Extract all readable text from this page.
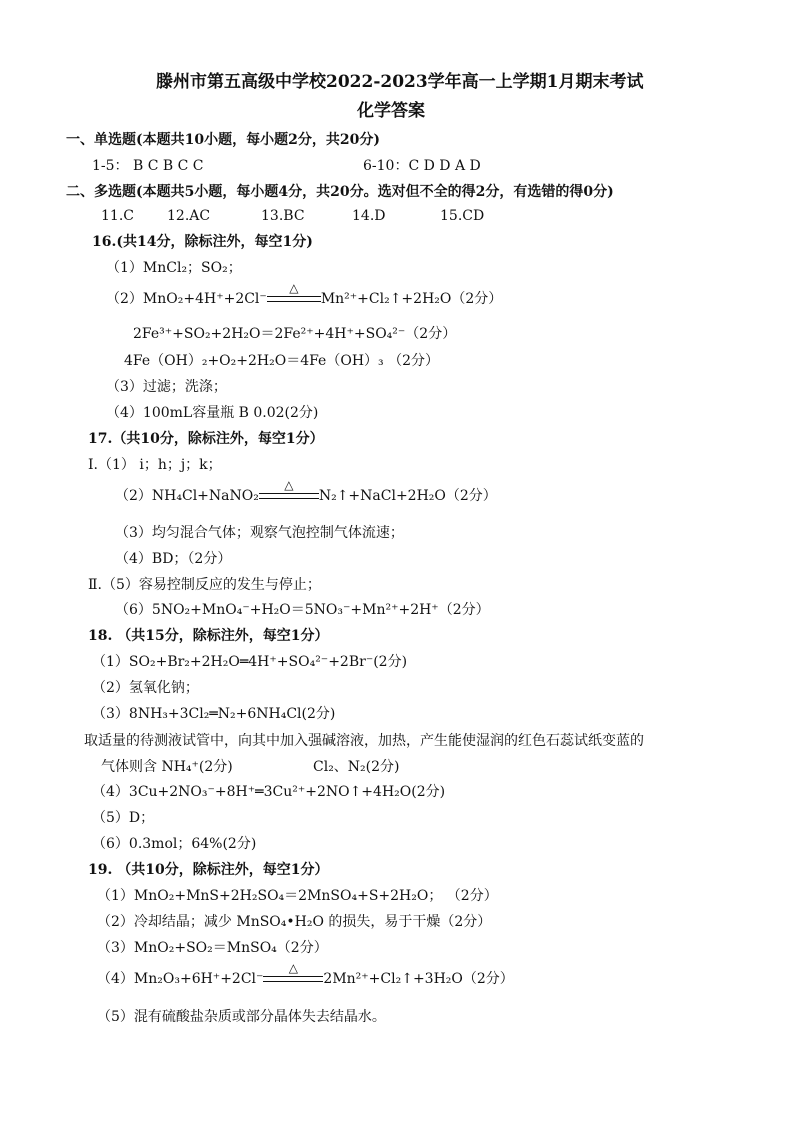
滕州市第五高级中学校2022-2023学年高一上学期1月期末考试
化学答案
一、单选题(本题共10小题，每小题2分，共20分)
1-5： B C B C C	6-10：C D D A D
二、多选题(本题共5小题，每小题4分，共20分。选对但不全的得2分，有选错的得0分)
11.C 12.AC	13.BC	14.D	15.CD
16.(共14分，除标注外，每空1分)
（1）MnCl₂；SO₂；
（2）MnO₂+4H⁺+2Cl⁻
△
Mn²⁺+Cl₂↑+2H₂O（2分）
2Fe³⁺+SO₂+2H₂O＝2Fe²⁺+4H⁺+SO₄²⁻（2分）
4Fe（OH）₂+O₂+2H₂O＝4Fe（OH）₃ （2分）
（3）过滤；洗涤；
（4）100mL容量瓶 B 0.02(2分)
17.（共10分，除标注外，每空1分）
Ⅰ.（1） i；h；j；k；
（2）NH₄Cl+NaNO₂
△
N₂↑+NaCl+2H₂O（2分）
（3）均匀混合气体；观察气泡控制气体流速；
（4）BD；（2分）
Ⅱ.（5）容易控制反应的发生与停止；
（6）5NO₂+MnO₄⁻+H₂O＝5NO₃⁻+Mn²⁺+2H⁺（2分）
18. （共15分，除标注外，每空1分）
（1）SO₂+Br₂+2H₂O═4H⁺+SO₄²⁻+2Br⁻(2分)
（2）氢氧化钠；
（3）8NH₃+3Cl₂═N₂+6NH₄Cl(2分)
取适量的待测液试管中，向其中加入强碱溶液，加热，产生能使湿润的红色石蕊试纸变蓝的
气体则含 NH₄⁺(2分)	Cl₂、N₂(2分)
（4）3Cu+2NO₃⁻+8H⁺═3Cu²⁺+2NO↑+4H₂O(2分)
（5）D；
（6）0.3mol；64%(2分)
19. （共10分，除标注外，每空1分）
（1）MnO₂+MnS+2H₂SO₄＝2MnSO₄+S+2H₂O； （2分）
（2）冷却结晶；减少 MnSO₄•H₂O 的损失，易于干燥（2分）
（3）MnO₂+SO₂＝MnSO₄（2分）
（4）Mn₂O₃+6H⁺+2Cl⁻
△
2Mn²⁺+Cl₂↑+3H₂O（2分）
（5）混有硫酸盐杂质或部分晶体失去结晶水。
